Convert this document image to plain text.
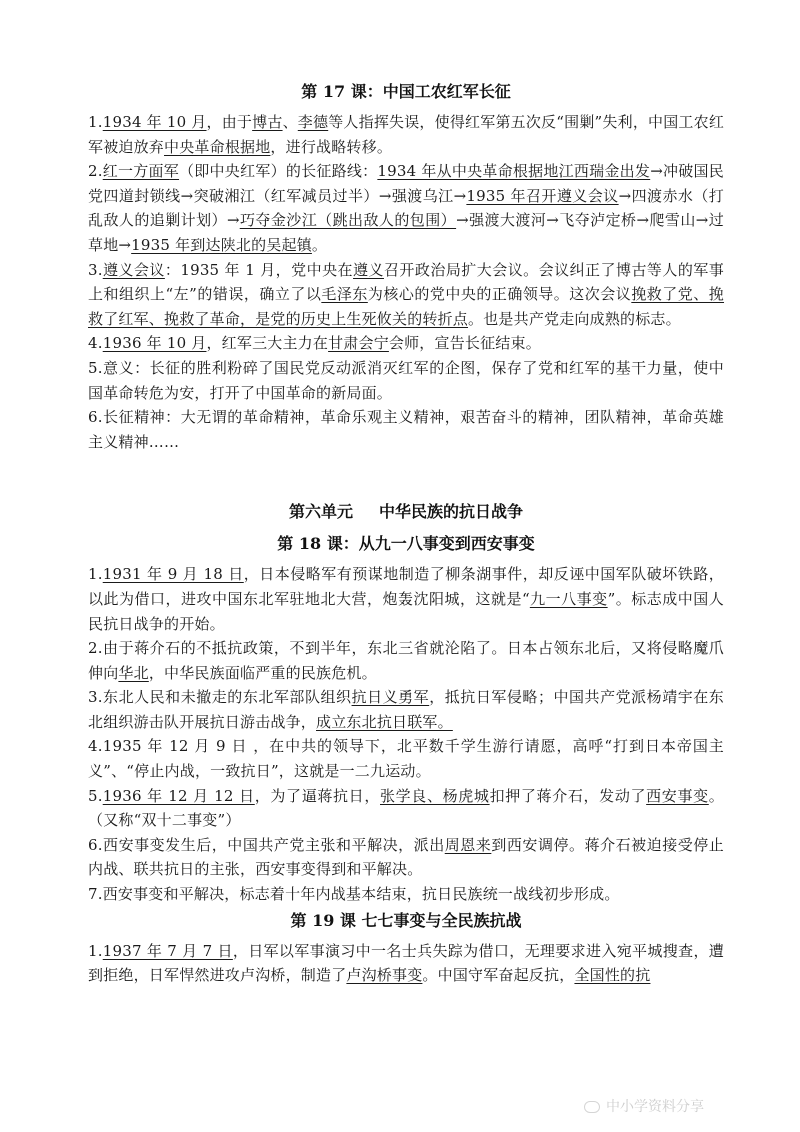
第 17 课：中国工农红军长征

1.1934 年 10 月，由于博古、李德等人指挥失误，使得红军第五次反“围剿”失利，中国工农红军被迫放弃中央革命根据地，进行战略转移。

2.红一方面军（即中央红军）的长征路线：1934 年从中央革命根据地江西瑞金出发→冲破国民党四道封锁线→突破湘江（红军减员过半）→强渡乌江→1935 年召开遵义会议→四渡赤水（打乱敌人的追剿计划）→巧夺金沙江（跳出敌人的包围）→强渡大渡河→飞夺泸定桥→爬雪山→过草地→1935 年到达陕北的吴起镇。

3.遵义会议：1935 年 1 月，党中央在遵义召开政治局扩大会议。会议纠正了博古等人的军事上和组织上“左”的错误，确立了以毛泽东为核心的党中央的正确领导。这次会议挽救了党、挽救了红军、挽救了革命，是党的历史上生死攸关的转折点。也是共产党走向成熟的标志。

4.1936 年 10 月，红军三大主力在甘肃会宁会师，宣告长征结束。

5.意义：长征的胜利粉碎了国民党反动派消灭红军的企图，保存了党和红军的基干力量，使中国革命转危为安，打开了中国革命的新局面。

6.长征精神：大无谓的革命精神，革命乐观主义精神，艰苦奋斗的精神，团队精神，革命英雄主义精神……

第六单元 中华民族的抗日战争
第 18 课：从九一八事变到西安事变

1.1931 年 9 月 18 日，日本侵略军有预谋地制造了柳条湖事件，却反诬中国军队破坏铁路，以此为借口，进攻中国东北军驻地北大营，炮轰沈阳城，这就是“九一八事变”。标志成中国人民抗日战争的开始。

2.由于蒋介石的不抵抗政策，不到半年，东北三省就沦陷了。日本占领东北后，又将侵略魔爪伸向华北，中华民族面临严重的民族危机。

3.东北人民和未撤走的东北军部队组织抗日义勇军，抵抗日军侵略；中国共产党派杨靖宇在东北组织游击队开展抗日游击战争，成立东北抗日联军。

4.1935 年 12 月 9 日 ，在中共的领导下，北平数千学生游行请愿，高呼“打到日本帝国主义”、“停止内战，一致抗日”，这就是一二九运动。

5.1936 年 12 月 12 日，为了逼蒋抗日，张学良、杨虎城扣押了蒋介石，发动了西安事变。（又称“双十二事变”）

6.西安事变发生后，中国共产党主张和平解决，派出周恩来到西安调停。蒋介石被迫接受停止内战、联共抗日的主张，西安事变得到和平解决。

7.西安事变和平解决，标志着十年内战基本结束，抗日民族统一战线初步形成。

第 19 课 七七事变与全民族抗战

1.1937 年 7 月 7 日，日军以军事演习中一名士兵失踪为借口，无理要求进入宛平城搜查，遭到拒绝，日军悍然进攻卢沟桥，制造了卢沟桥事变。中国守军奋起反抗，全国性的抗

中小学资料分享
